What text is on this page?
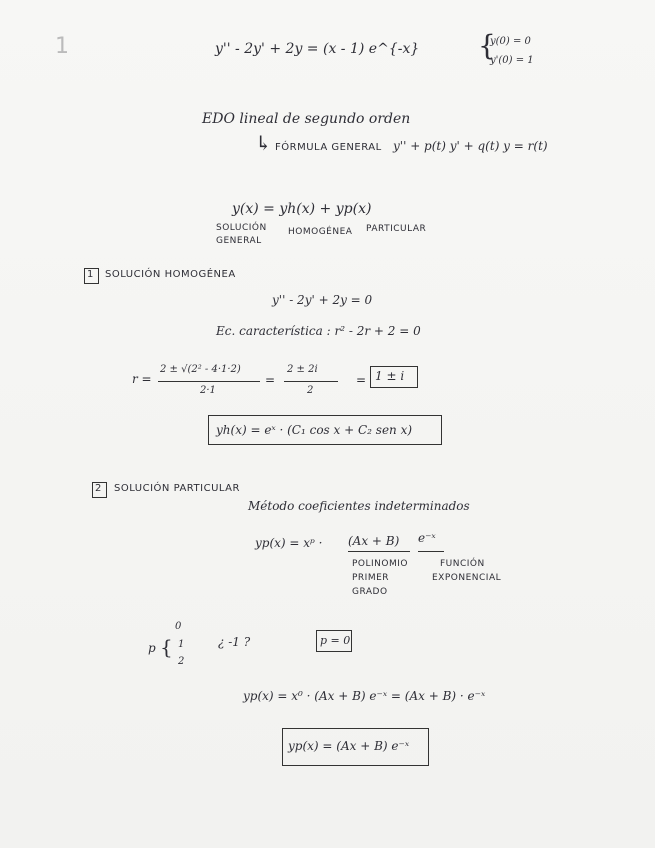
1	y'' - 2y' + 2y = (x - 1) e^{-x} {
y(0) = 0
y'(0) = 1
EDO lineal de segundo orden
↳ FÓRMULA GENERAL y'' + p(t) y' + q(t) y = r(t)
y(x) = yh(x) + yp(x)
SOLUCIÓN
GENERAL
HOMOGÉNEA PARTICULAR
1 SOLUCIÓN HOMOGÉNEA
y'' - 2y' + 2y = 0
Ec. característica : r² - 2r + 2 = 0
r =
2 ± √(2² - 4·1·2)
2·1
=
2 ± 2i
2
= 1 ± i
yh(x) = eˣ · (C₁ cos x + C₂ sen x)
2 SOLUCIÓN PARTICULAR
Método coeficientes indeterminados
yp(x) = xᵖ · (Ax + B) e⁻ˣ
POLINOMIO
PRIMER
GRADO
FUNCIÓN
EXPONENCIAL
p {
0
1
2
¿ -1 ?	p = 0
yp(x) = x⁰ · (Ax + B) e⁻ˣ = (Ax + B) · e⁻ˣ
yp(x) = (Ax + B) e⁻ˣ
